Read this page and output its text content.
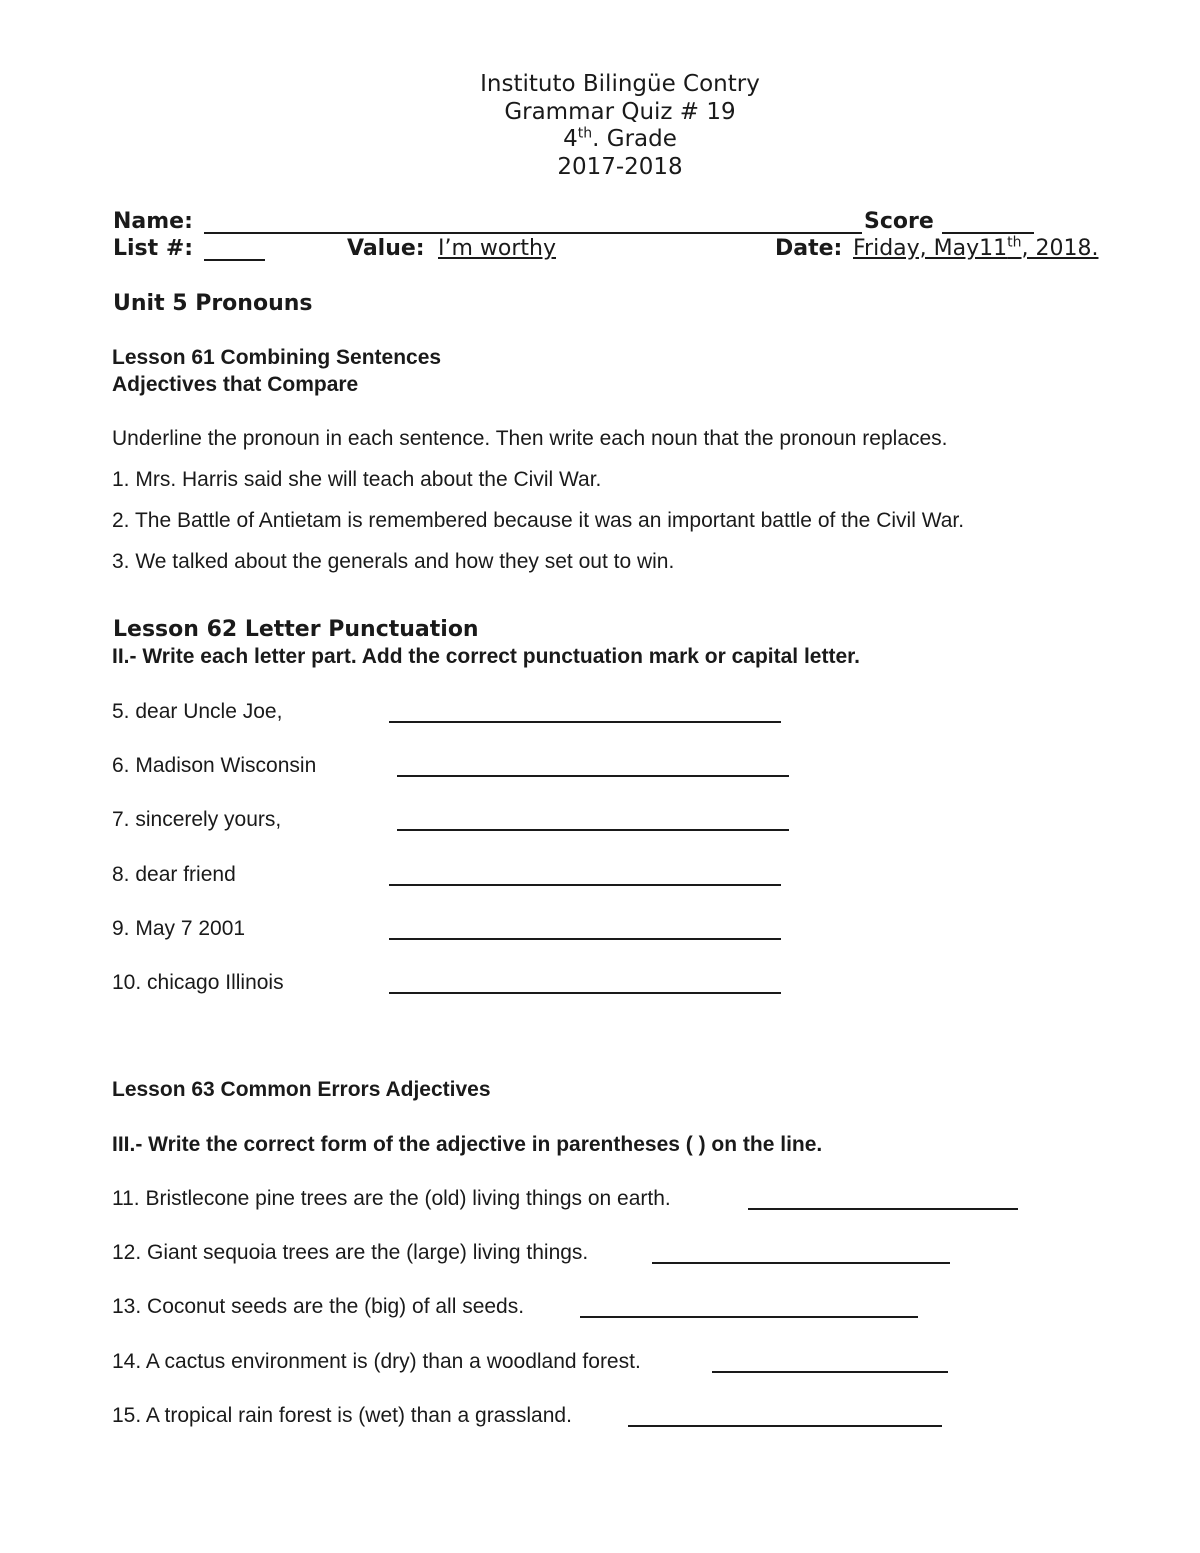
Instituto Bilingüe Contry
Grammar Quiz # 19
4th. Grade
2017-2018
Name:	Score
List #:	Value: I’m worthy	Date: Friday, May11th, 2018.
Unit 5 Pronouns
Lesson 61 Combining Sentences
Adjectives that Compare
Underline the pronoun in each sentence. Then write each noun that the pronoun replaces.
1. Mrs. Harris said she will teach about the Civil War.
2. The Battle of Antietam is remembered because it was an important battle of the Civil War.
3. We talked about the generals and how they set out to win.
Lesson 62 Letter Punctuation
II.- Write each letter part. Add the correct punctuation mark or capital letter.
5. dear Uncle Joe,
6. Madison Wisconsin
7. sincerely yours,
8. dear friend
9. May 7 2001
10. chicago Illinois
Lesson 63 Common Errors Adjectives
III.- Write the correct form of the adjective in parentheses ( ) on the line.
11. Bristlecone pine trees are the (old) living things on earth.
12. Giant sequoia trees are the (large) living things.
13. Coconut seeds are the (big) of all seeds.
14. A cactus environment is (dry) than a woodland forest.
15. A tropical rain forest is (wet) than a grassland.
